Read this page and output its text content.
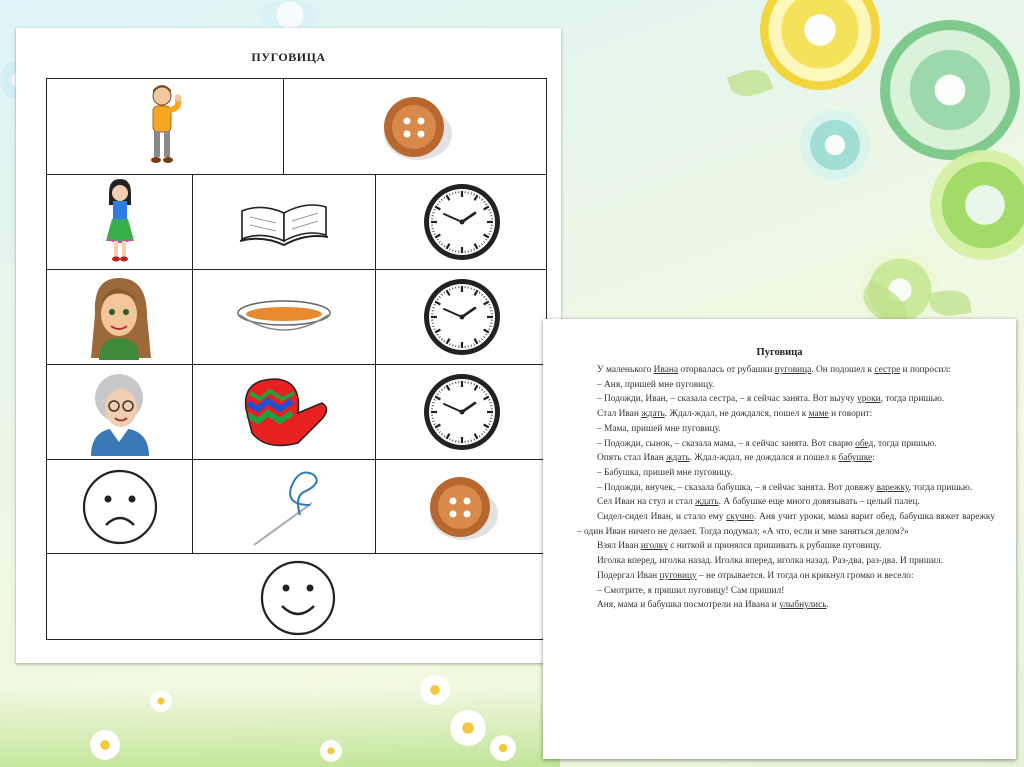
ПУГОВИЦА
Пуговица

У маленького Ивана оторвалась от рубашки пуговица. Он подошел к сестре и попросил:

– Аня, пришей мне пуговицу.

– Подожди, Иван, – сказала сестра, – я сейчас занята. Вот выучу уроки, тогда пришью.

Стал Иван ждать. Ждал-ждал, не дождался, пошел к маме и говорит:

– Мама, пришей мне пуговицу.

– Подожди, сынок, – сказала мама, – я сейчас занята. Вот сварю обед, тогда пришью.

Опять стал Иван ждать. Ждал-ждал, не дождался и пошел к бабушке:

– Бабушка, пришей мне пуговицу.

– Подожди, внучек, – сказала бабушка, – я сейчас занята. Вот довяжу варежку, тогда пришью.

Сел Иван на стул и стал ждать. А бабушке еще много довязывать – целый палец.

Сидел-сидел Иван, и стало ему скучно. Аня учит уроки, мама варит обед, бабушка вяжет варежку – один Иван ничего не делает. Тогда подумал: «А что, если и мне заняться делом?»

Взял Иван иголку с ниткой и принялся пришивать к рубашке пуговицу.

Иголка вперед, иголка назад. Иголка вперед, иголка назад. Раз-два, раз-два. И пришил.

Подергал Иван пуговицу – не отрывается. И тогда он крикнул громко и весело:

– Смотрите, я пришил пуговицу! Сам пришил!

Аня, мама и бабушка посмотрели на Ивана и улыбнулись.
